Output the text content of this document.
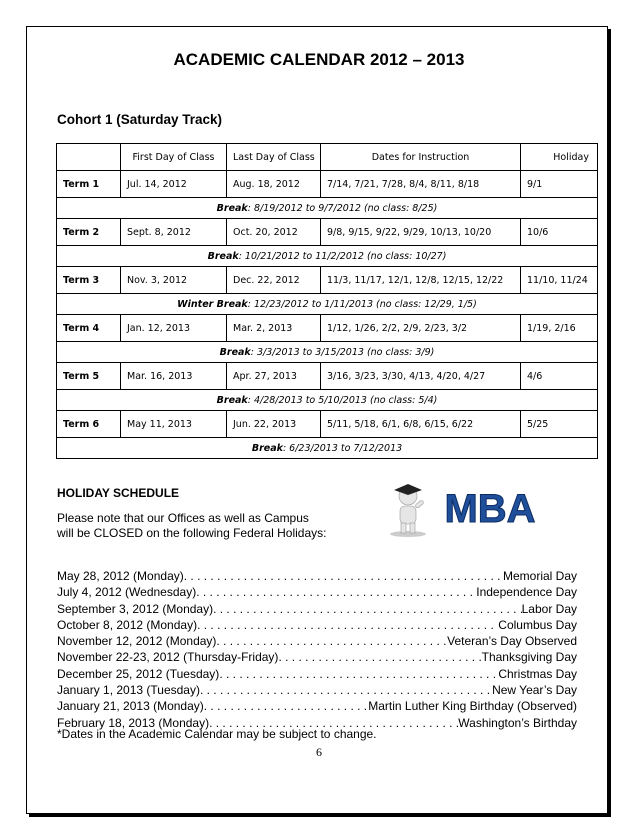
ACADEMIC CALENDAR 2012 – 2013
Cohort 1 (Saturday Track)
	First Day of Class	Last Day of Class	Dates for Instruction	Holiday
Term 1	Jul. 14, 2012	Aug. 18, 2012	7/14, 7/21, 7/28, 8/4, 8/11, 8/18	9/1
Break: 8/19/2012 to 9/7/2012 (no class: 8/25)				
Term 2	Sept. 8, 2012	Oct. 20, 2012	9/8, 9/15, 9/22, 9/29, 10/13, 10/20	10/6
Break: 10/21/2012 to 11/2/2012 (no class: 10/27)				
Term 3	Nov. 3, 2012	Dec. 22, 2012	11/3, 11/17, 12/1, 12/8, 12/15, 12/22	11/10, 11/24
Winter Break: 12/23/2012 to 1/11/2013 (no class: 12/29, 1/5)				
Term 4	Jan. 12, 2013	Mar. 2, 2013	1/12, 1/26, 2/2, 2/9, 2/23, 3/2	1/19, 2/16
Break: 3/3/2013 to 3/15/2013 (no class: 3/9)				
Term 5	Mar. 16, 2013	Apr. 27, 2013	3/16, 3/23, 3/30, 4/13, 4/20, 4/27	4/6
Break: 4/28/2013 to 5/10/2013 (no class: 5/4)				
Term 6	May 11, 2013	Jun. 22, 2013	5/11, 5/18, 6/1, 6/8, 6/15, 6/22	5/25
Break: 6/23/2013 to 7/12/2013				
HOLIDAY SCHEDULE
Please note that our Offices as well as Campus
will be CLOSED on the following Federal Holidays:
MBA
May 28, 2012 (Monday) . . .	Memorial Day
July 4, 2012 (Wednesday) . . .	Independence Day
September 3, 2012 (Monday) . . .	Labor Day
October 8, 2012 (Monday) . . .	Columbus Day
November 12, 2012 (Monday) . . .	Veteran’s Day Observed
November 22-23, 2012 (Thursday-Friday) . . .	Thanksgiving Day
December 25, 2012 (Tuesday) . . .	Christmas Day
January 1, 2013 (Tuesday) . . .	New Year’s Day
January 21, 2013 (Monday) . . .	Martin Luther King Birthday (Observed)
February 18, 2013 (Monday) . . .	Washington’s Birthday
*Dates in the Academic Calendar may be subject to change.
6
